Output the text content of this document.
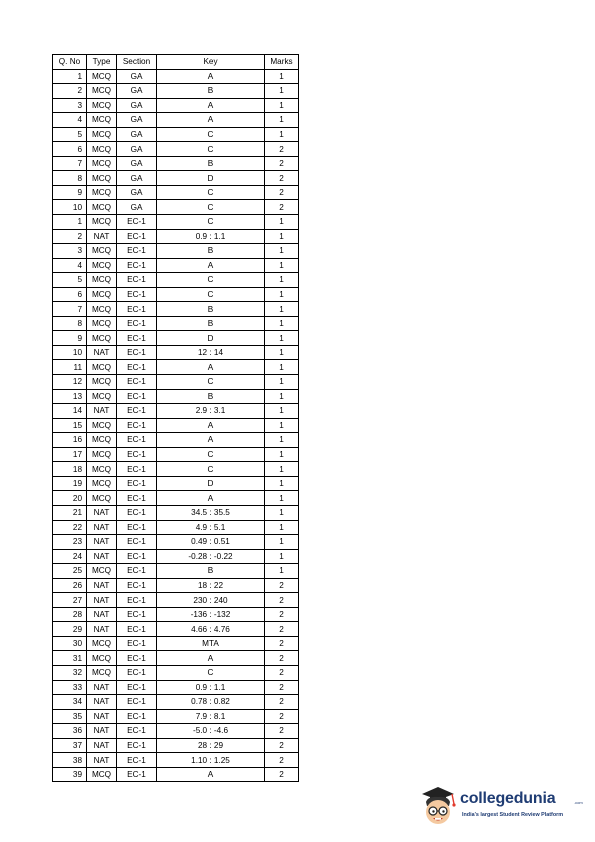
Q. No	Type	Section	Key	Marks
1	MCQ	GA	A	1
2	MCQ	GA	B	1
3	MCQ	GA	A	1
4	MCQ	GA	A	1
5	MCQ	GA	C	1
6	MCQ	GA	C	2
7	MCQ	GA	B	2
8	MCQ	GA	D	2
9	MCQ	GA	C	2
10	MCQ	GA	C	2
1	MCQ	EC-1	C	1
2	NAT	EC-1	0.9 : 1.1	1
3	MCQ	EC-1	B	1
4	MCQ	EC-1	A	1
5	MCQ	EC-1	C	1
6	MCQ	EC-1	C	1
7	MCQ	EC-1	B	1
8	MCQ	EC-1	B	1
9	MCQ	EC-1	D	1
10	NAT	EC-1	12 : 14	1
11	MCQ	EC-1	A	1
12	MCQ	EC-1	C	1
13	MCQ	EC-1	B	1
14	NAT	EC-1	2.9 : 3.1	1
15	MCQ	EC-1	A	1
16	MCQ	EC-1	A	1
17	MCQ	EC-1	C	1
18	MCQ	EC-1	C	1
19	MCQ	EC-1	D	1
20	MCQ	EC-1	A	1
21	NAT	EC-1	34.5 : 35.5	1
22	NAT	EC-1	4.9 : 5.1	1
23	NAT	EC-1	0.49 : 0.51	1
24	NAT	EC-1	-0.28 : -0.22	1
25	MCQ	EC-1	B	1
26	NAT	EC-1	18 : 22	2
27	NAT	EC-1	230 : 240	2
28	NAT	EC-1	-136 : -132	2
29	NAT	EC-1	4.66 : 4.76	2
30	MCQ	EC-1	MTA	2
31	MCQ	EC-1	A	2
32	MCQ	EC-1	C	2
33	NAT	EC-1	0.9 : 1.1	2
34	NAT	EC-1	0.78 : 0.82	2
35	NAT	EC-1	7.9 : 8.1	2
36	NAT	EC-1	-5.0 : -4.6	2
37	NAT	EC-1	28 : 29	2
38	NAT	EC-1	1.10 : 1.25	2
39	MCQ	EC-1	A	2
collegedunia	.com
India's largest Student Review Platform
